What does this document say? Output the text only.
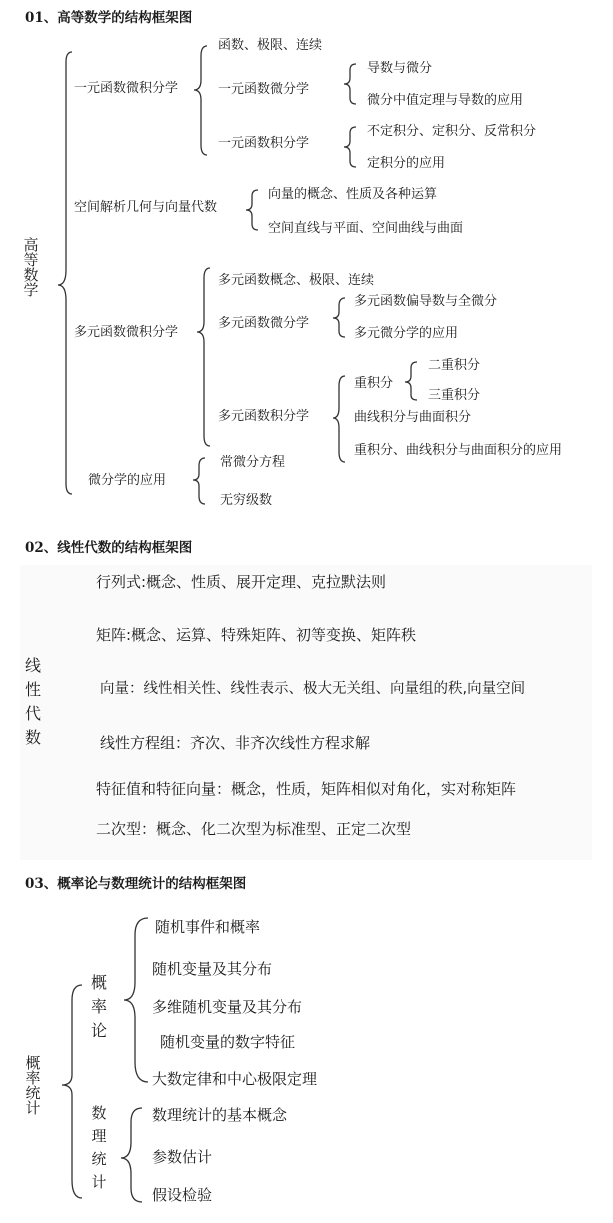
01、高等数学的结构框架图
高
等
数
学
一元函数微积分学
函数、极限、连续
一元函数微分学
导数与微分
微分中值定理与导数的应用
一元函数积分学
不定积分、定积分、反常积分
定积分的应用
空间解析几何与向量代数
向量的概念、性质及各种运算
空间直线与平面、空间曲线与曲面
多元函数微积分学
多元函数概念、极限、连续
多元函数微分学
多元函数偏导数与全微分
多元微分学的应用
多元函数积分学
重积分
二重积分
三重积分
曲线积分与曲面积分
重积分、曲线积分与曲面积分的应用
微分学的应用
常微分方程
无穷级数
02、线性代数的结构框架图
线
性
代
数
行列式:概念、性质、展开定理、克拉默法则
矩阵:概念、运算、特殊矩阵、初等变换、矩阵秩
向量：线性相关性、线性表示、极大无关组、向量组的秩,向量空间
线性方程组：齐次、非齐次线性方程求解
特征值和特征向量：概念，性质，矩阵相似对角化，实对称矩阵
二次型：概念、化二次型为标准型、正定二次型
03、概率论与数理统计的结构框架图
概
率
统
计
概
率
论
随机事件和概率
随机变量及其分布
多维随机变量及其分布
随机变量的数字特征
大数定律和中心极限定理
数
理
统
计
数理统计的基本概念
参数估计
假设检验
